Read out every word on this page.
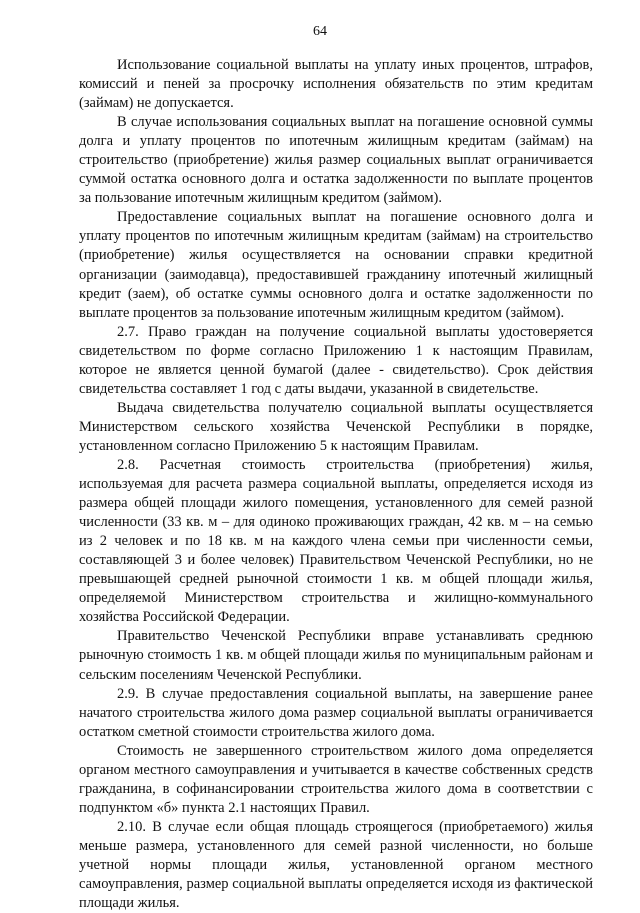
64

Использование социальной выплаты на уплату иных процентов, штрафов, комиссий и пеней за просрочку исполнения обязательств по этим кредитам (займам) не допускается.

В случае использования социальных выплат на погашение основной суммы долга и уплату процентов по ипотечным жилищным кредитам (займам) на строительство (приобретение) жилья размер социальных выплат ограничивается суммой остатка основного долга и остатка задолженности по выплате процентов за пользование ипотечным жилищным кредитом (займом).

Предоставление социальных выплат на погашение основного долга и уплату процентов по ипотечным жилищным кредитам (займам) на строительство (приобретение) жилья осуществляется на основании справки кредитной организации (заимодавца), предоставившей гражданину ипотечный жилищный кредит (заем), об остатке суммы основного долга и остатке задолженности по выплате процентов за пользование ипотечным жилищным кредитом (займом).

2.7. Право граждан на получение социальной выплаты удостоверяется свидетельством по форме согласно Приложению 1 к настоящим Правилам, которое не является ценной бумагой (далее - свидетельство). Срок действия свидетельства составляет 1 год с даты выдачи, указанной в свидетельстве.

Выдача свидетельства получателю социальной выплаты осуществляется Министерством сельского хозяйства Чеченской Республики в порядке, установленном согласно Приложению 5 к настоящим Правилам.

2.8. Расчетная стоимость строительства (приобретения) жилья, используемая для расчета размера социальной выплаты, определяется исходя из размера общей площади жилого помещения, установленного для семей разной численности (33 кв. м – для одиноко проживающих граждан, 42 кв. м – на семью из 2 человек и по 18 кв. м на каждого члена семьи при численности семьи, составляющей 3 и более человек) Правительством Чеченской Республики, но не превышающей средней рыночной стоимости 1 кв. м общей площади жилья, определяемой Министерством строительства и жилищно-коммунального хозяйства Российской Федерации.

Правительство Чеченской Республики вправе устанавливать среднюю рыночную стоимость 1 кв. м общей площади жилья по муниципальным районам и сельским поселениям Чеченской Республики.

2.9. В случае предоставления социальной выплаты, на завершение ранее начатого строительства жилого дома размер социальной выплаты ограничивается остатком сметной стоимости строительства жилого дома.

Стоимость не завершенного строительством жилого дома определяется органом местного самоуправления и учитывается в качестве собственных средств гражданина, в софинансировании строительства жилого дома в соответствии с подпунктом «б» пункта 2.1 настоящих Правил.

2.10. В случае если общая площадь строящегося (приобретаемого) жилья меньше размера, установленного для семей разной численности, но больше учетной нормы площади жилья, установленной органом местного самоуправления, размер социальной выплаты определяется исходя из фактической площади жилья.
